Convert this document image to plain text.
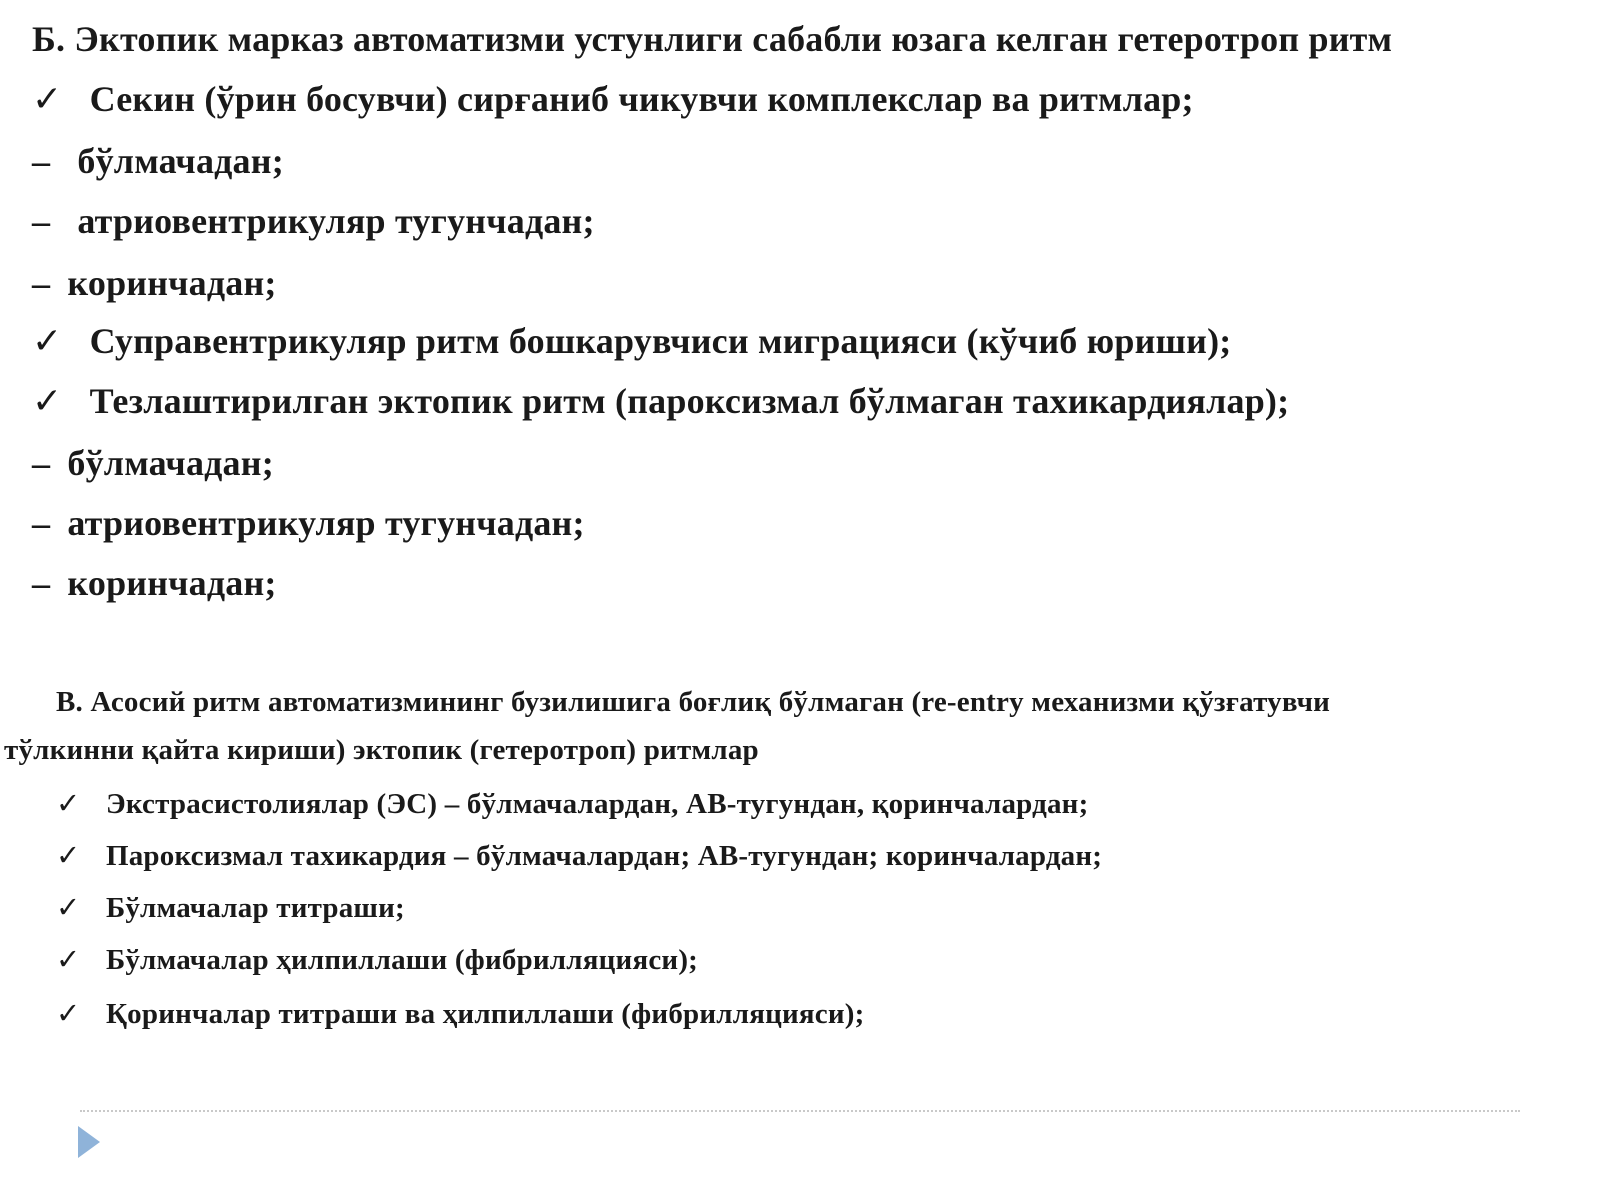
Б. Эктопик марказ автоматизми устунлиги сабабли юзага келган гетеротроп ритм
✓ Секин (ўрин босувчи) сирғаниб чикувчи комплекслар ва ритмлар;
– бўлмачадан;
– атриовентрикуляр тугунчадан;
– коринчадан;
✓ Суправентрикуляр ритм бошкарувчиси миграцияси (кўчиб юриши);
✓ Тезлаштирилган эктопик ритм (пароксизмал бўлмаган тахикардиялар);
– бўлмачадан;
– атриовентрикуляр тугунчадан;
– коринчадан;
В. Асосий ритм автоматизмининг бузилишига боғлиқ бўлмаган (re-entry механизми қўзғатувчи
тўлкинни қайта кириши) эктопик (гетеротроп) ритмлар
✓ Экстрасистолиялар (ЭС) – бўлмачалардан, АВ-тугундан, қоринчалардан;
✓ Пароксизмал тахикардия – бўлмачалардан; АВ-тугундан; коринчалардан;
✓ Бўлмачалар титраши;
✓ Бўлмачалар ҳилпиллаши (фибрилляцияси);
✓ Қоринчалар титраши ва ҳилпиллаши (фибрилляцияси);
